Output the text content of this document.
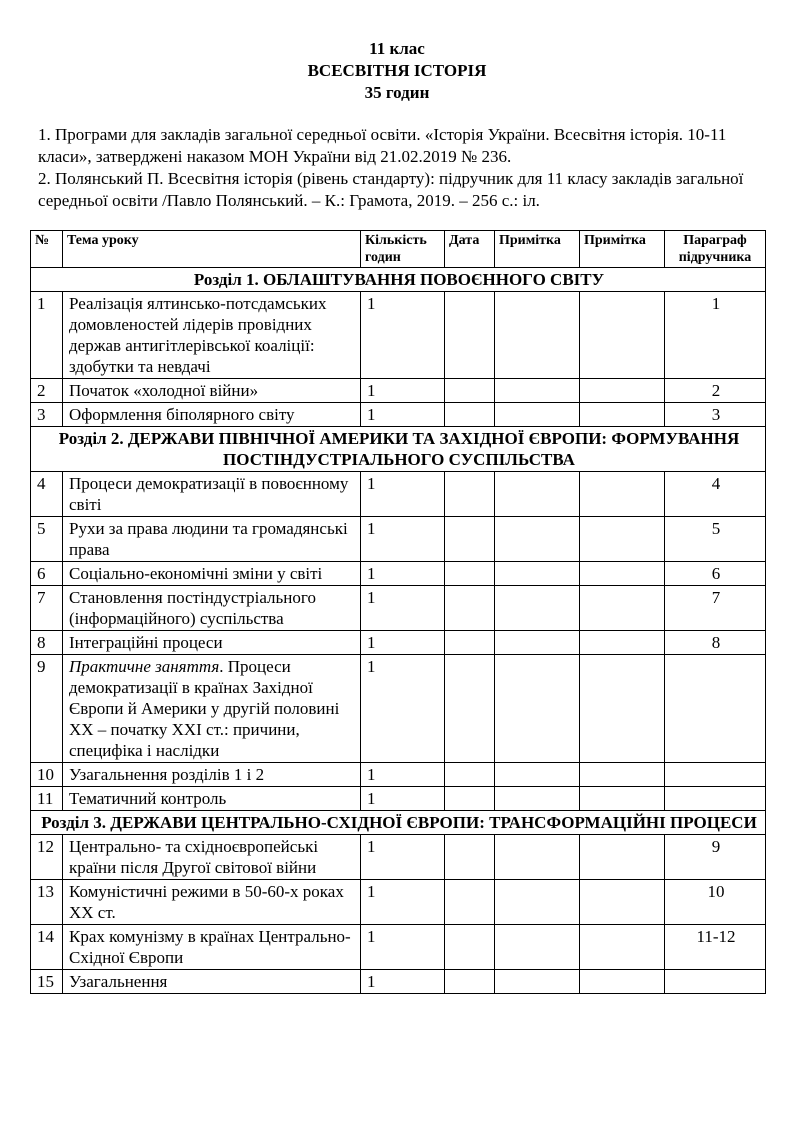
11 клас
ВСЕСВІТНЯ ІСТОРІЯ
35 годин

1. Програми для закладів загальної середньої освіти. «Історія України. Всесвітня історія. 10-11 класи», затверджені наказом МОН України від 21.02.2019 № 236.

2. Полянський П. Всесвітня історія (рівень стандарту): підручник для 11 класу закладів загальної середньої освіти /Павло Полянський. – К.: Грамота, 2019. – 256 с.: іл.

№	Тема уроку	Кількість годин	Дата	Примітка	Примітка	Параграф підручника
Розділ 1. ОБЛАШТУВАННЯ ПОВОЄННОГО СВІТУ						
1	Реалізація ялтинсько-потсдамських домовленостей лідерів провідних держав антигітлерівської коаліції: здобутки та невдачі	1				1
2	Початок «холодної війни»	1				2
3	Оформлення біполярного світу	1				3
Розділ 2. ДЕРЖАВИ ПІВНІЧНОЇ АМЕРИКИ ТА ЗАХІДНОЇ ЄВРОПИ: ФОРМУВАННЯ ПОСТІНДУСТРІАЛЬНОГО СУСПІЛЬСТВА						
4	Процеси демократизації в повоєнному світі	1				4
5	Рухи за права людини та громадянські права	1				5
6	Соціально-економічні зміни у світі	1				6
7	Становлення постіндустріального (інформаційного) суспільства	1				7
8	Інтеграційні процеси	1				8
9	Практичне заняття. Процеси демократизації в країнах Західної Європи й Америки у другій половині ХХ – початку ХХІ ст.: причини, специфіка і наслідки	1				
10	Узагальнення розділів 1 і 2	1				
11	Тематичний контроль	1				
Розділ 3. ДЕРЖАВИ ЦЕНТРАЛЬНО-СХІДНОЇ ЄВРОПИ: ТРАНСФОРМАЦІЙНІ ПРОЦЕСИ						
12	Центрально- та східноєвропейські країни після Другої світової війни	1				9
13	Комуністичні режими в 50-60-х роках ХХ ст.	1				10
14	Крах комунізму в країнах Центрально-Східної Європи	1				11-12
15	Узагальнення	1				
